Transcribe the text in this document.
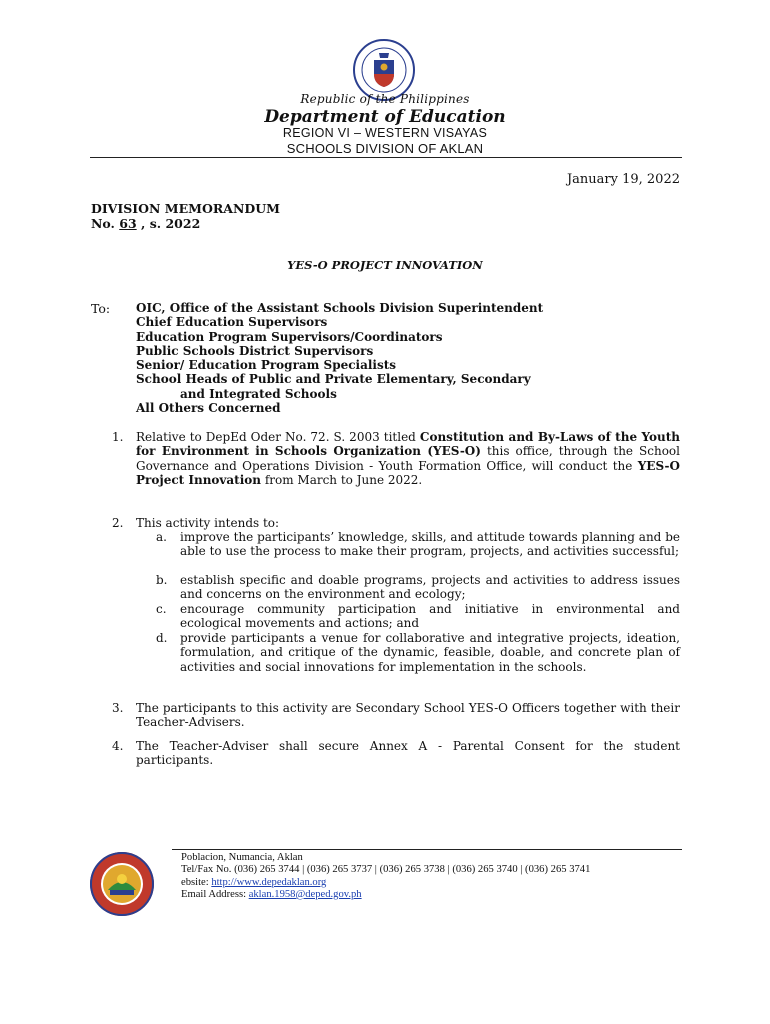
Republic of the Philippines
Department of Education
REGION VI – WESTERN VISAYAS
SCHOOLS DIVISION OF AKLAN
January 19, 2022
DIVISION MEMORANDUM
No. 63 , s. 2022
YES-O PROJECT INNOVATION
To: OIC, Office of the Assistant Schools Division Superintendent
Chief Education Supervisors
Education Program Supervisors/Coordinators
Public Schools District Supervisors
Senior/ Education Program Specialists
School Heads of Public and Private Elementary, Secondary
and Integrated Schools
All Others Concerned
1. Relative to DepEd Oder No. 72. S. 2003 titled Constitution and By-Laws of the Youth for Environment in Schools Organization (YES-O) this office, through the School Governance and Operations Division - Youth Formation Office, will conduct the YES-O Project Innovation from March to June 2022.
2. This activity intends to:
a. improve the participants’ knowledge, skills, and attitude towards planning and be able to use the process to make their program, projects, and activities successful;
b. establish specific and doable programs, projects and activities to address issues and concerns on the environment and ecology;
c. encourage community participation and initiative in environmental and ecological movements and actions; and
d. provide participants a venue for collaborative and integrative projects, ideation, formulation, and critique of the dynamic, feasible, doable, and concrete plan of activities and social innovations for implementation in the schools.
3. The participants to this activity are Secondary School YES-O Officers together with their Teacher-Advisers.
4. The Teacher-Adviser shall secure Annex A - Parental Consent for the student participants.
Poblacion, Numancia, Aklan
Tel/Fax No. (036) 265 3744 | (036) 265 3737 | (036) 265 3738 | (036) 265 3740 | (036) 265 3741
ebsite: http://www.depedaklan.org
Email Address: aklan.1958@deped.gov.ph
